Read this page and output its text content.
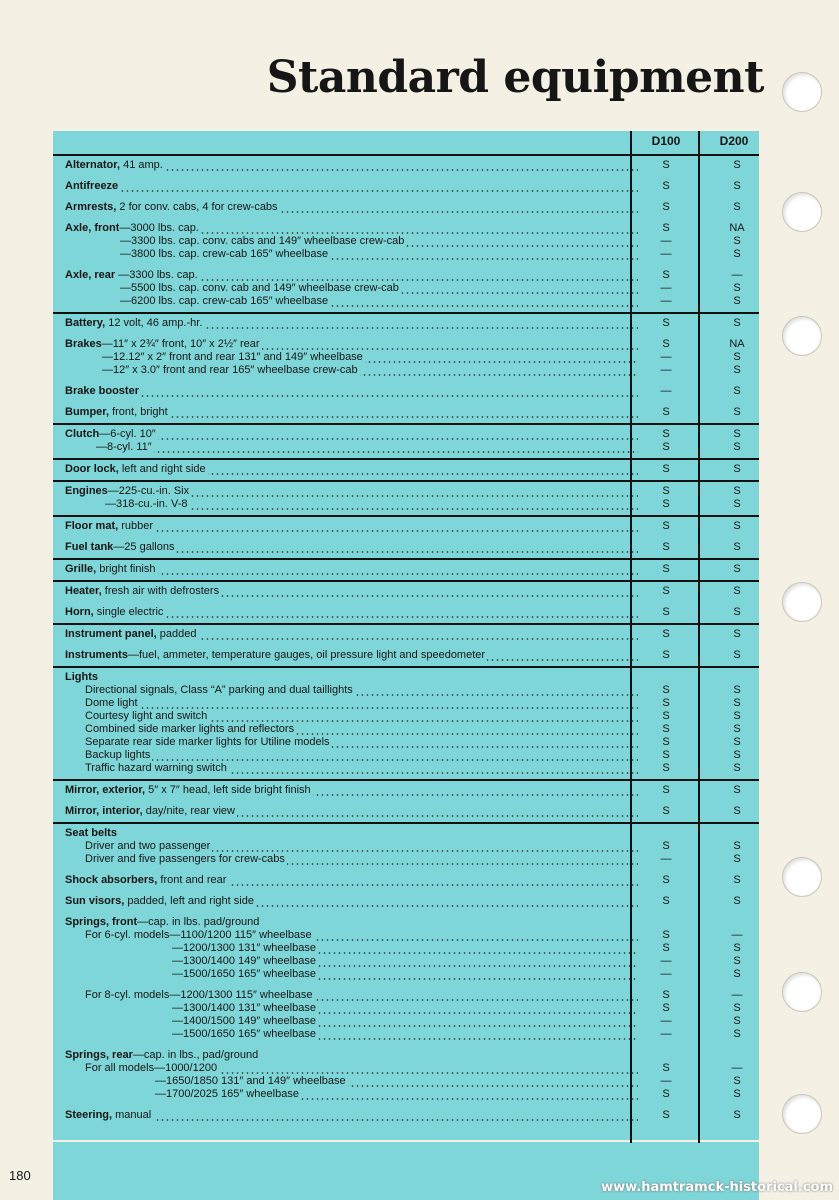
Standard equipment
D100	D200
Alternator, 41 amp.	S	S
Antifreeze	S	S
Armrests, 2 for conv. cabs, 4 for crew-cabs	S	S
Axle, front—3000 lbs. cap.	S	NA
—3300 lbs. cap. conv. cabs and 149″ wheelbase crew-cab	—	S
—3800 lbs. cap. crew-cab 165″ wheelbase	—	S
Axle, rear —3300 lbs. cap.	S	—
—5500 lbs. cap. conv. cab and 149″ wheelbase crew-cab	—	S
—6200 lbs. cap. crew-cab 165″ wheelbase	—	S
Battery, 12 volt, 46 amp.-hr.	S	S
Brakes—11″ x 2¾″ front, 10″ x 2½″ rear	S	NA
—12.12″ x 2″ front and rear 131″ and 149″ wheelbase	—	S
—12″ x 3.0″ front and rear 165″ wheelbase crew-cab	—	S
Brake booster	—	S
Bumper, front, bright	S	S
Clutch—6-cyl. 10″	S	S
—8-cyl. 11″	S	S
Door lock, left and right side	S	S
Engines—225-cu.-in. Six	S	S
—318-cu.-in. V-8	S	S
Floor mat, rubber	S	S
Fuel tank—25 gallons	S	S
Grille, bright finish	S	S
Heater, fresh air with defrosters	S	S
Horn, single electric	S	S
Instrument panel, padded	S	S
Instruments—fuel, ammeter, temperature gauges, oil pressure light and speedometer	S	S
Lights
Directional signals, Class “A” parking and dual taillights	S	S
Dome light	S	S
Courtesy light and switch	S	S
Combined side marker lights and reflectors	S	S
Separate rear side marker lights for Utiline models	S	S
Backup lights	S	S
Traffic hazard warning switch	S	S
Mirror, exterior, 5″ x 7″ head, left side bright finish	S	S
Mirror, interior, day/nite, rear view	S	S
Seat belts
Driver and two passenger	S	S
Driver and five passengers for crew-cabs	—	S
Shock absorbers, front and rear	S	S
Sun visors, padded, left and right side	S	S
Springs, front—cap. in lbs. pad/ground
For 6-cyl. models—1100/1200 115″ wheelbase	S	—
—1200/1300 131″ wheelbase	S	S
—1300/1400 149″ wheelbase	—	S
—1500/1650 165″ wheelbase	—	S
For 8-cyl. models—1200/1300 115″ wheelbase	S	—
—1300/1400 131″ wheelbase	S	S
—1400/1500 149″ wheelbase	—	S
—1500/1650 165″ wheelbase	—	S
Springs, rear—cap. in lbs., pad/ground
For all models—1000/1200	S	—
—1650/1850 131″ and 149″ wheelbase	—	S
—1700/2025 165″ wheelbase	S	S
Steering, manual	S	S
180
www.hamtramck-historical.com
